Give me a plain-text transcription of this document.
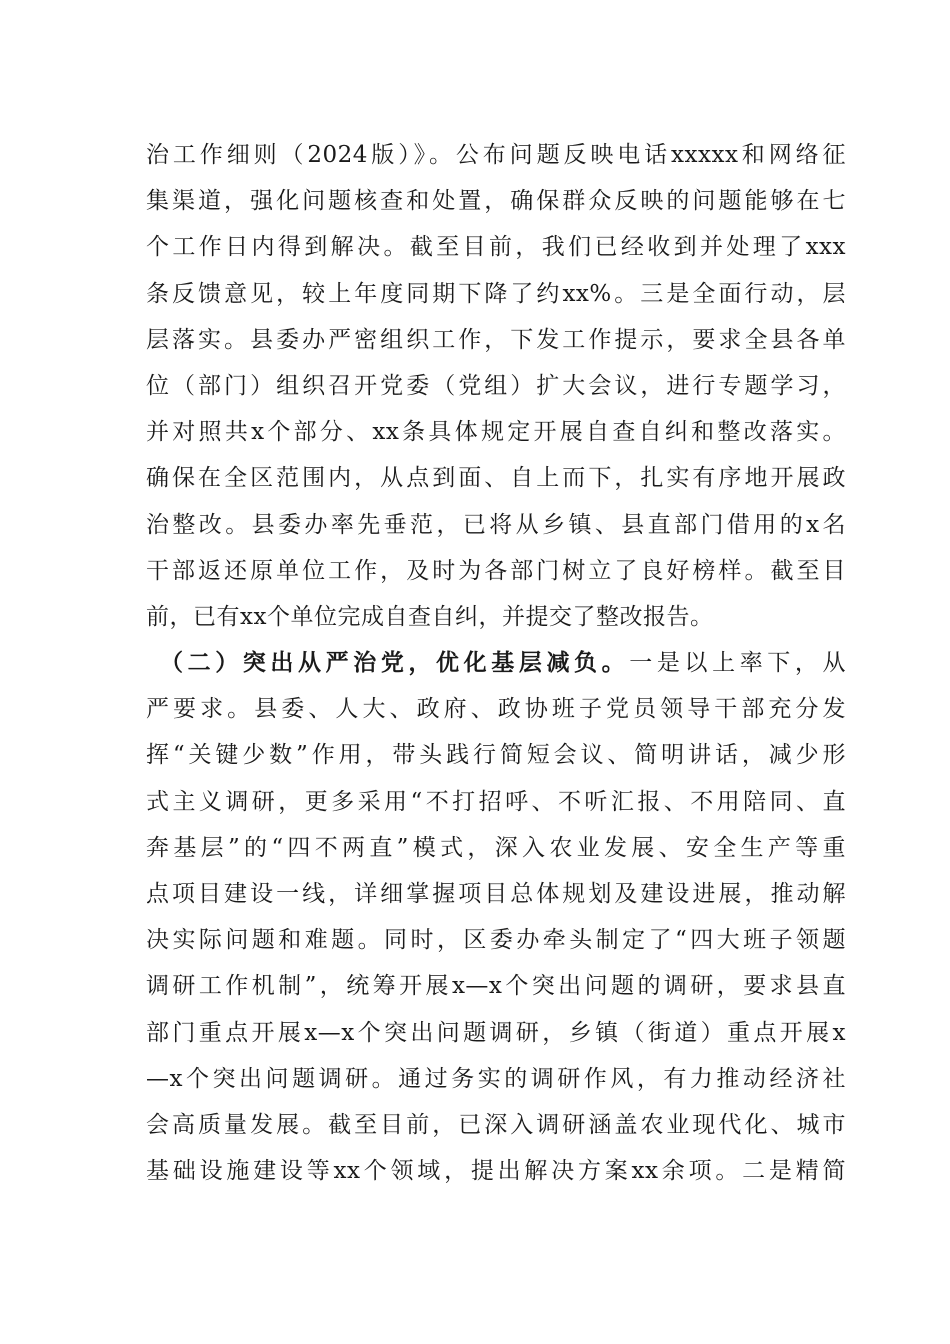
治工作细则（2024版）》。公布问题反映电话xxxxx和网络征
集渠道，强化问题核查和处置，确保群众反映的问题能够在七
个工作日内得到解决。截至目前，我们已经收到并处理了xxx
条反馈意见，较上年度同期下降了约xx%。三是全面行动，层
层落实。县委办严密组织工作，下发工作提示，要求全县各单
位（部门）组织召开党委（党组）扩大会议，进行专题学习，
并对照共x个部分、xx条具体规定开展自查自纠和整改落实。
确保在全区范围内，从点到面、自上而下，扎实有序地开展政
治整改。县委办率先垂范，已将从乡镇、县直部门借用的x名
干部返还原单位工作，及时为各部门树立了良好榜样。截至目
前，已有xx个单位完成自查自纠，并提交了整改报告。
（二）突出从严治党，优化基层减负。一是以上率下，从
严要求。县委、人大、政府、政协班子党员领导干部充分发
挥“关键少数”作用，带头践行简短会议、简明讲话，减少形
式主义调研，更多采用“不打招呼、不听汇报、不用陪同、直
奔基层”的“四不两直”模式，深入农业发展、安全生产等重
点项目建设一线，详细掌握项目总体规划及建设进展，推动解
决实际问题和难题。同时，区委办牵头制定了“四大班子领题
调研工作机制”，统筹开展x—x个突出问题的调研，要求县直
部门重点开展x—x个突出问题调研，乡镇（街道）重点开展x
—x个突出问题调研。通过务实的调研作风，有力推动经济社
会高质量发展。截至目前，已深入调研涵盖农业现代化、城市
基础设施建设等xx个领域，提出解决方案xx余项。二是精简
